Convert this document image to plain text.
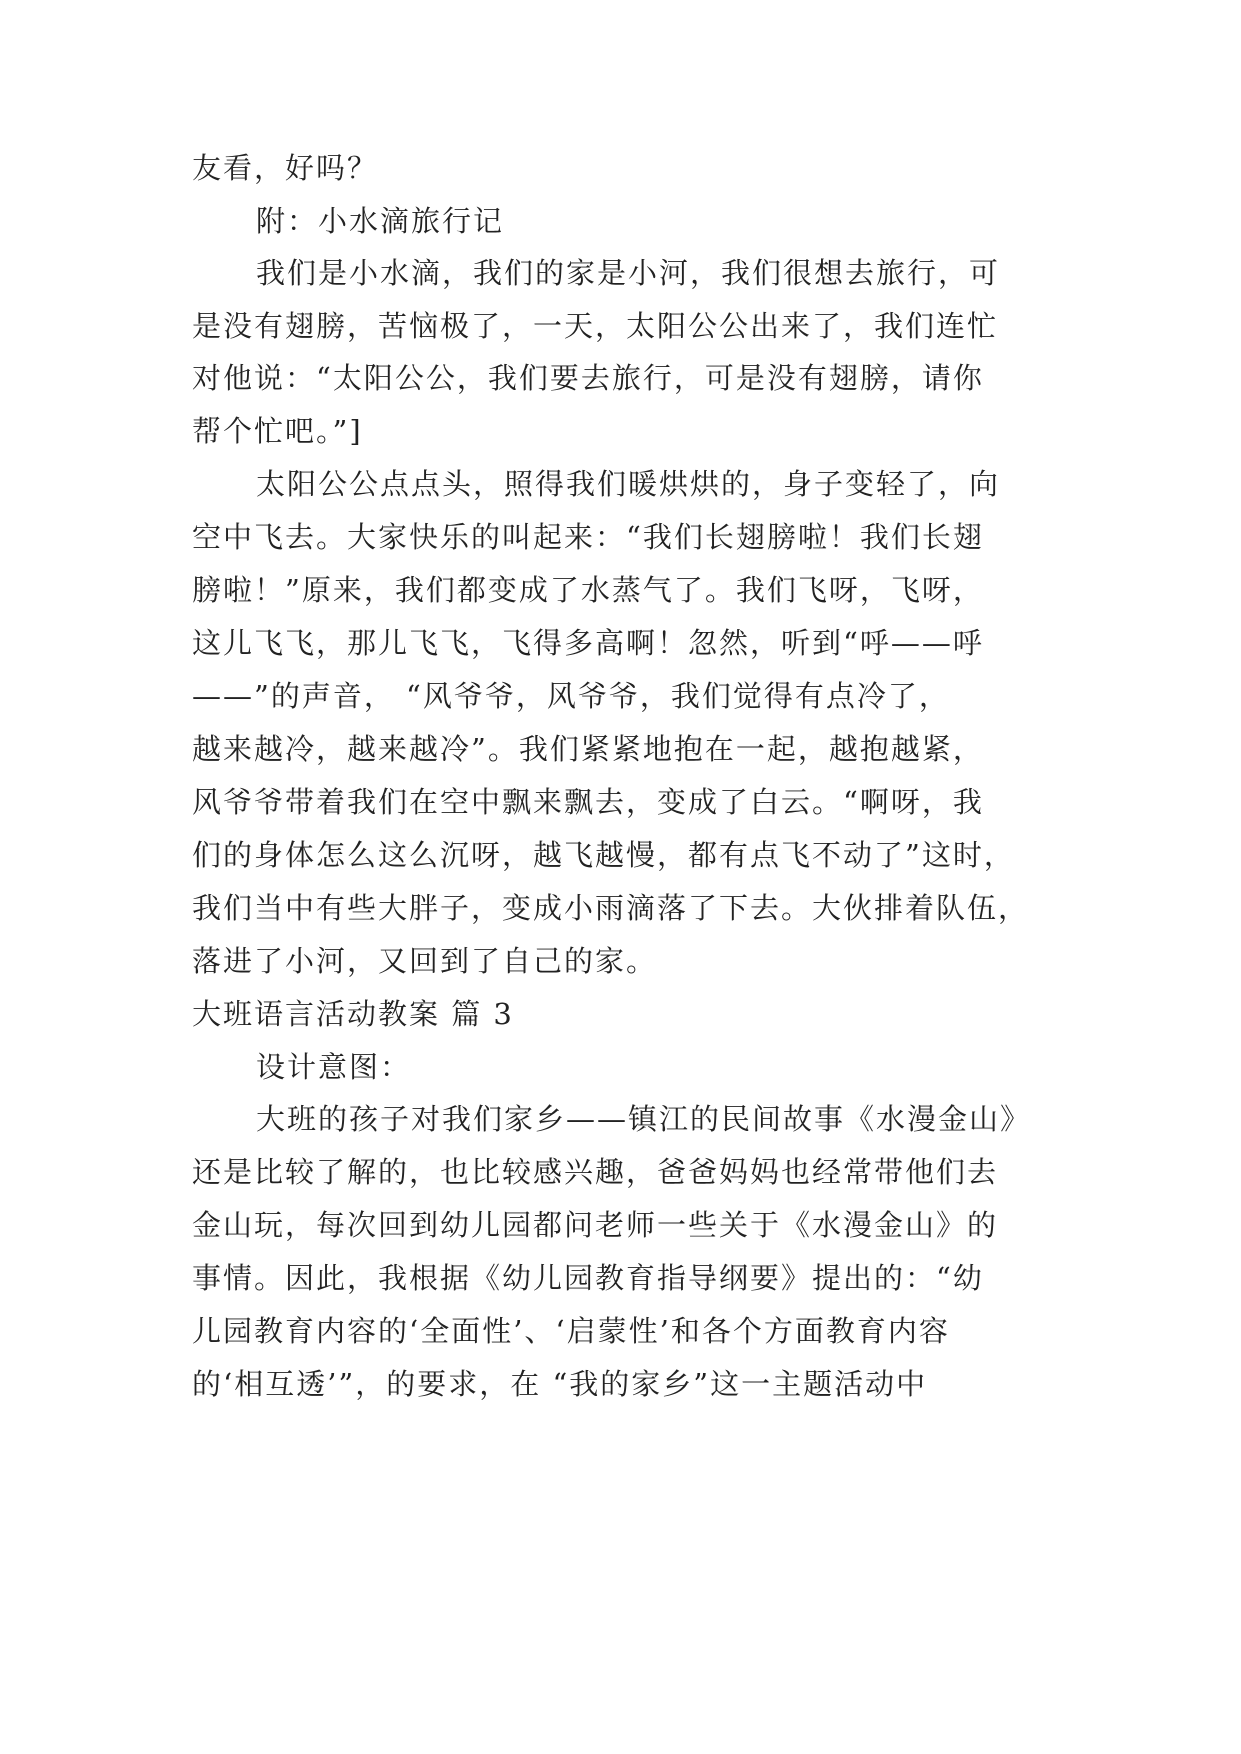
友看，好吗？
附：小水滴旅行记
我们是小水滴，我们的家是小河，我们很想去旅行，可
是没有翅膀，苦恼极了，一天，太阳公公出来了，我们连忙
对他说：“太阳公公，我们要去旅行，可是没有翅膀，请你
帮个忙吧。”]
太阳公公点点头，照得我们暖烘烘的，身子变轻了，向
空中飞去。大家快乐的叫起来：“我们长翅膀啦！我们长翅
膀啦！”原来，我们都变成了水蒸气了。我们飞呀，飞呀，
这儿飞飞，那儿飞飞，飞得多高啊！忽然，听到“呼——呼
——”的声音， “风爷爷，风爷爷，我们觉得有点冷了，
越来越冷，越来越冷”。我们紧紧地抱在一起，越抱越紧，
风爷爷带着我们在空中飘来飘去，变成了白云。“啊呀，我
们的身体怎么这么沉呀，越飞越慢，都有点飞不动了”这时，
我们当中有些大胖子，变成小雨滴落了下去。大伙排着队伍，
落进了小河，又回到了自己的家。
大班语言活动教案 篇 3
设计意图：
大班的孩子对我们家乡——镇江的民间故事《水漫金山》
还是比较了解的，也比较感兴趣，爸爸妈妈也经常带他们去
金山玩，每次回到幼儿园都问老师一些关于《水漫金山》的
事情。因此，我根据《幼儿园教育指导纲要》提出的：“幼
儿园教育内容的‘全面性’、‘启蒙性’和各个方面教育内容
的‘相互透’”，的要求，在 “我的家乡”这一主题活动中
